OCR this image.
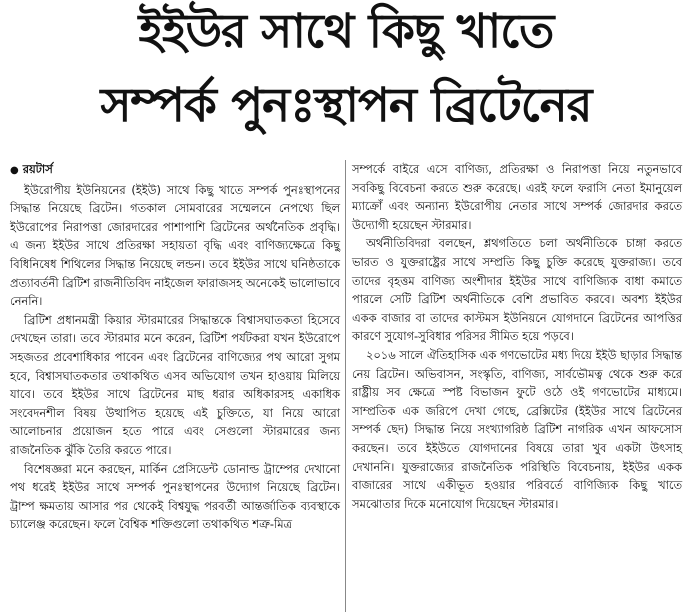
ইইউর সাথে কিছু খাতে
সম্পর্ক পুনঃস্থাপন ব্রিটেনের

● রয়টার্স

ইউরোপীয় ইউনিয়নের (ইইউ) সাথে কিছু খাতে সম্পর্ক পুনঃস্থাপনের সিদ্ধান্ত নিয়েছে ব্রিটেন। গতকাল সোমবারের সম্মেলনে নেপথ্যে ছিল ইউরোপের নিরাপত্তা জোরদারের পাশাপাশি ব্রিটেনের অর্থনৈতিক প্রবৃদ্ধি। এ জন্য ইইউর সাথে প্রতিরক্ষা সহায়তা বৃদ্ধি এবং বাণিজ্যক্ষেত্রে কিছু বিধিনিষেধ শিথিলের সিদ্ধান্ত নিয়েছে লন্ডন। তবে ইইউর সাথে ঘনিষ্ঠতাকে প্রত্যাবর্তনী ব্রিটিশ রাজনীতিবিদ নাইজেল ফারাজসহ অনেকেই ভালোভাবে নেননি।

ব্রিটিশ প্রধানমন্ত্রী কিয়ার স্টারমারের সিদ্ধান্তকে বিশ্বাসঘাতকতা হিসেবে দেখছেন তারা। তবে স্টারমার মনে করেন, ব্রিটিশ পর্যটকরা যখন ইউরোপে সহজতর প্রবেশাধিকার পাবেন এবং ব্রিটেনের বাণিজ্যের পথ আরো সুগম হবে, বিশ্বাসঘাতকতার তথাকথিত এসব অভিযোগ তখন হাওয়ায় মিলিয়ে যাবে। তবে ইইউর সাথে ব্রিটেনের মাছ ধরার অধিকারসহ একাধিক সংবেদনশীল বিষয় উত্থাপিত হয়েছে এই চুক্তিতে, যা নিয়ে আরো আলোচনার প্রয়োজন হতে পারে এবং সেগুলো স্টারমারের জন্য রাজনৈতিক ঝুঁকি তৈরি করতে পারে।

বিশেষজ্ঞরা মনে করছেন, মার্কিন প্রেসিডেন্ট ডোনাল্ড ট্রাম্পের দেখানো পথ ধরেই ইইউর সাথে সম্পর্ক পুনঃস্থাপনের উদ্যোগ নিয়েছে ব্রিটেন। ট্রাম্প ক্ষমতায় আসার পর থেকেই বিশ্বযুদ্ধ পরবর্তী আন্তর্জাতিক ব্যবস্থাকে চ্যালেঞ্জ করেছেন। ফলে বৈশ্বিক শক্তিগুলো তথাকথিত শত্রু-মিত্র

সম্পর্কে বাইরে এসে বাণিজ্য, প্রতিরক্ষা ও নিরাপত্তা নিয়ে নতুনভাবে সবকিছু বিবেচনা করতে শুরু করেছে। এরই ফলে ফরাসি নেতা ইমানুয়েল ম্যাক্রোঁ এবং অন্যান্য ইউরোপীয় নেতার সাথে সম্পর্ক জোরদার করতে উদ্যোগী হয়েছেন স্টারমার।

অর্থনীতিবিদরা বলছেন, শ্লথগতিতে চলা অর্থনীতিকে চাঙ্গা করতে ভারত ও যুক্তরাষ্ট্রের সাথে সম্প্রতি কিছু চুক্তি করেছে যুক্তরাজ্য। তবে তাদের বৃহত্তম বাণিজ্য অংশীদার ইইউর সাথে বাণিজ্যিক বাধা কমাতে পারলে সেটি ব্রিটিশ অর্থনীতিকে বেশি প্রভাবিত করবে। অবশ্য ইইউর একক বাজার বা তাদের কাস্টমস ইউনিয়নে যোগদানে ব্রিটেনের আপত্তির কারণে সুযোগ-সুবিধার পরিসর সীমিত হয়ে পড়বে।

২০১৬ সালে ঐতিহাসিক এক গণভোটের মধ্য দিয়ে ইইউ ছাড়ার সিদ্ধান্ত নেয় ব্রিটেন। অভিবাসন, সংস্কৃতি, বাণিজ্য, সার্বভৌমত্ব থেকে শুরু করে রাষ্ট্রীয় সব ক্ষেত্রে স্পষ্ট বিভাজন ফুটে ওঠে ওই গণভোটের মাধ্যমে। সাম্প্রতিক এক জরিপে দেখা গেছে, ব্রেক্সিটের (ইইউর সাথে ব্রিটেনের সম্পর্ক ছেদ) সিদ্ধান্ত নিয়ে সংখ্যাগরিষ্ঠ ব্রিটিশ নাগরিক এখন আফসোস করছেন। তবে ইইউতে যোগদানের বিষয়ে তারা খুব একটা উৎসাহ দেখাননি। যুক্তরাজ্যের রাজনৈতিক পরিস্থিতি বিবেচনায়, ইইউর একক বাজারের সাথে একীভূত হওয়ার পরিবর্তে বাণিজ্যিক কিছু খাতে সমঝোতার দিকে মনোযোগ দিয়েছেন স্টারমার।
